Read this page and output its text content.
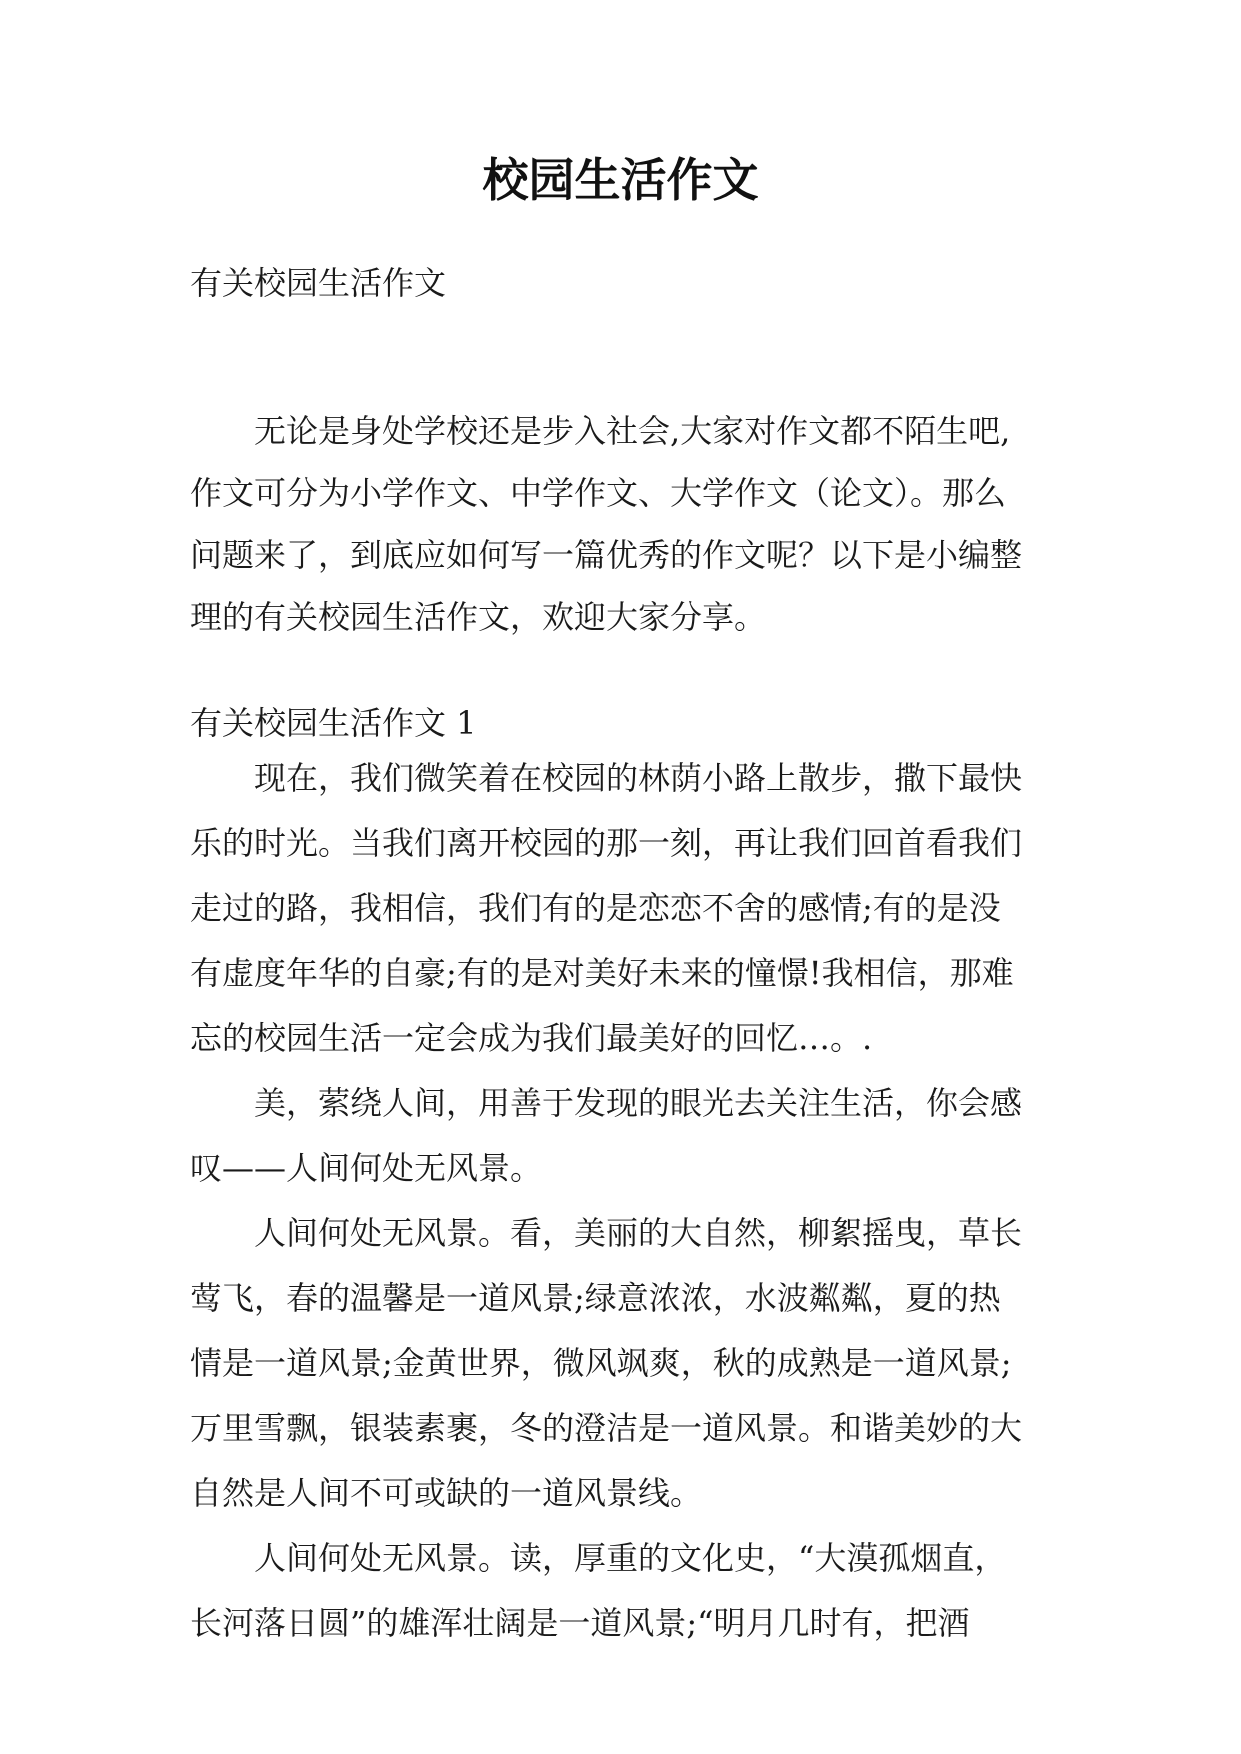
校园生活作文

有关校园生活作文

　　无论是身处学校还是步入社会,大家对作文都不陌生吧,
作文可分为小学作文、中学作文、大学作文（论文）。那么
问题来了，到底应如何写一篇优秀的作文呢？以下是小编整
理的有关校园生活作文，欢迎大家分享。

有关校园生活作文 1

　　现在，我们微笑着在校园的林荫小路上散步，撒下最快
乐的时光。当我们离开校园的那一刻，再让我们回首看我们
走过的路，我相信，我们有的是恋恋不舍的感情;有的是没
有虚度年华的自豪;有的是对美好未来的憧憬!我相信，那难
忘的校园生活一定会成为我们最美好的回忆…。.
　　美，萦绕人间，用善于发现的眼光去关注生活，你会感
叹——人间何处无风景。
　　人间何处无风景。看，美丽的大自然，柳絮摇曳，草长
莺飞，春的温馨是一道风景;绿意浓浓，水波粼粼，夏的热
情是一道风景;金黄世界，微风飒爽，秋的成熟是一道风景;
万里雪飘，银装素裹，冬的澄洁是一道风景。和谐美妙的大
自然是人间不可或缺的一道风景线。
　　人间何处无风景。读，厚重的文化史，“大漠孤烟直，
长河落日圆”的雄浑壮阔是一道风景;“明月几时有，把酒
